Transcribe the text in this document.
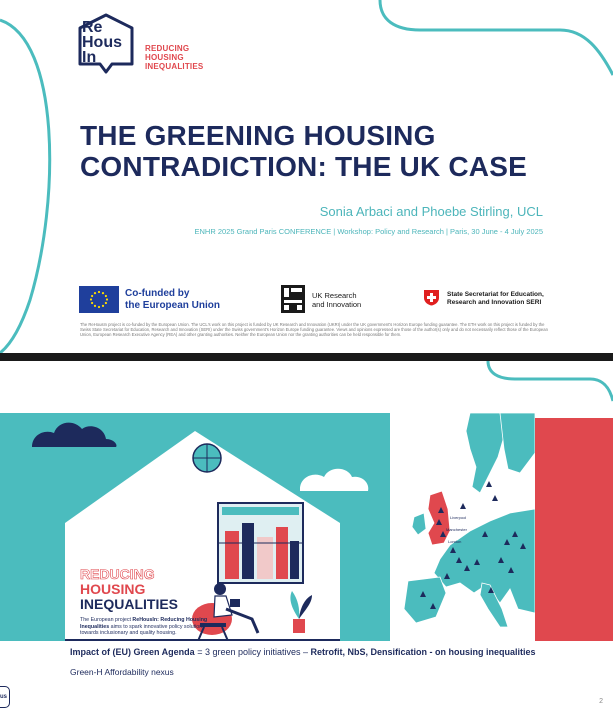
Re
Hous
In
REDUCING
HOUSING
INEQUALITIES
THE GREENING HOUSING
CONTRADICTION: THE UK CASE
Sonia Arbaci and Phoebe Stirling, UCL
ENHR 2025 Grand Paris CONFERENCE | Workshop: Policy and Research | Paris, 30 June - 4 July 2025
Co-funded by
the European Union
UK Research
and Innovation
State Secretariat for Education,
Research and Innovation SERI

The ReHousIn project is co-funded by the European Union. The UCL's work on this project is funded by UK Research and Innovation (UKRI) under the UK government's Horizon Europe funding guarantee. The ETH work on this project is funded by the Swiss State Secretariat for Education, Research and Innovation (SERI) under the Swiss government's Horizon Europe funding guarantee. Views and opinions expressed are those of the author(s) only and do not necessarily reflect those of the European Union, European Research Executive Agency (REA) and other granting authorities. Neither the European Union nor the granting authorities can be held responsible for them.

REDUCING
HOUSING
INEQUALITIES

The European project ReHousIn: Reducing Housing Inequalities aims to spark innovative policy solutions towards inclusionary and quality housing.

Liverpool
Manchester
London
Impact of (EU) Green Agenda = 3 green policy initiatives – Retrofit, NbS, Densification - on housing inequalities
Green-H Affordability nexus
us
2
